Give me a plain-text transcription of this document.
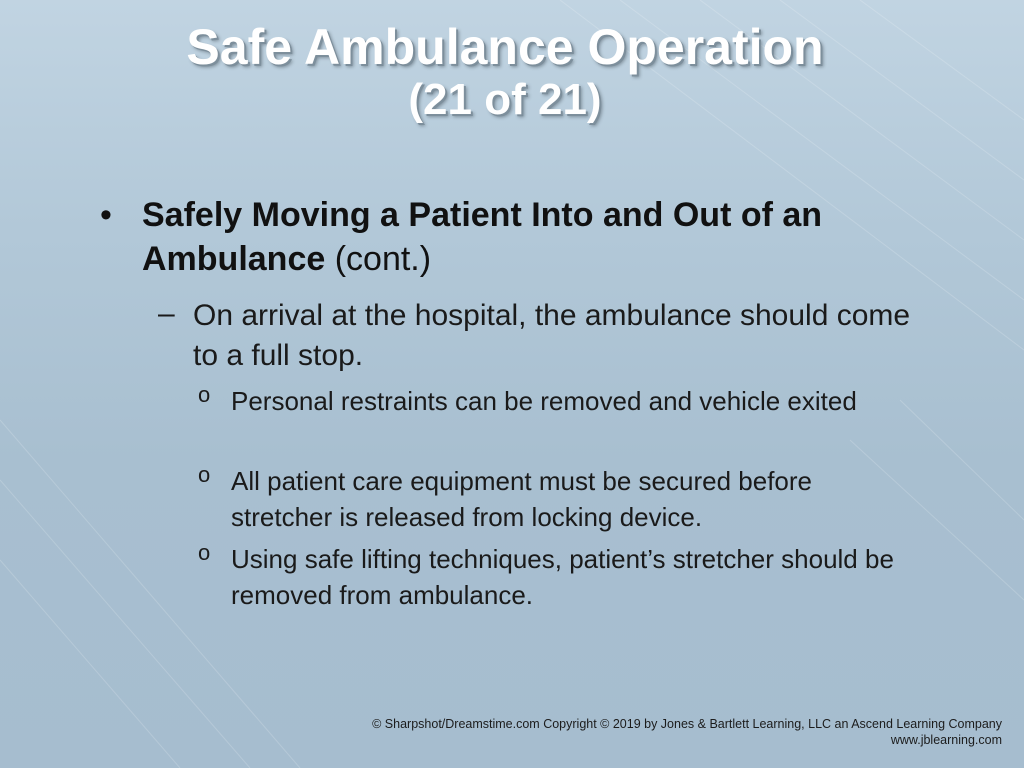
Safe Ambulance Operation
(21 of 21)
• Safely Moving a Patient Into and Out of an Ambulance (cont.)
– On arrival at the hospital, the ambulance should come to a full stop.
o Personal restraints can be removed and vehicle exited
o All patient care equipment must be secured before stretcher is released from locking device.
o Using safe lifting techniques, patient’s stretcher should be removed from ambulance.
© Sharpshot/Dreamstime.com Copyright © 2019 by Jones & Bartlett Learning, LLC an Ascend Learning Company
www.jblearning.com
